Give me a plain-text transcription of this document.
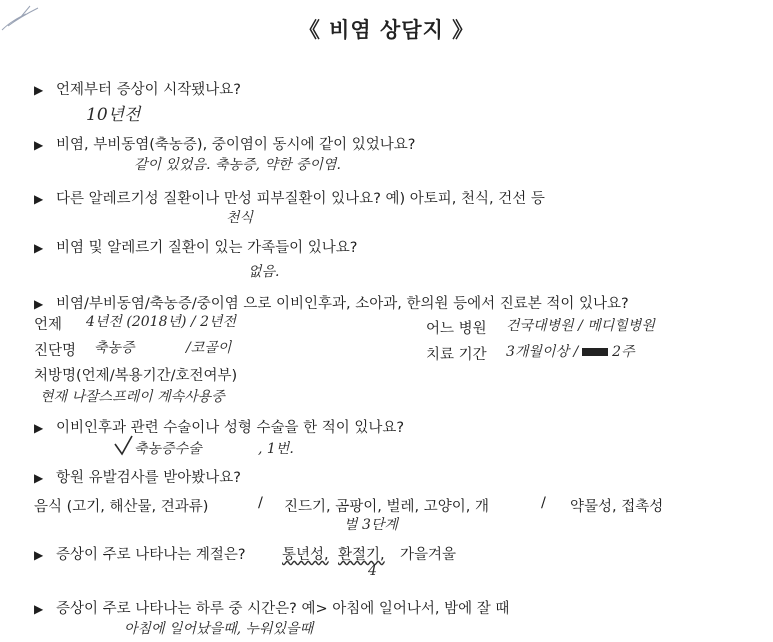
《 비염 상담지 》
▶ 언제부터 증상이 시작됐나요?
10년전
▶ 비염, 부비동염(축농증), 중이염이 동시에 같이 있었나요?
같이 있었음. 축농증, 약한 중이염.
▶ 다른 알레르기성 질환이나 만성 피부질환이 있나요? 예) 아토피, 천식, 건선 등
천식
▶ 비염 및 알레르기 질환이 있는 가족들이 있나요?
없음.
▶ 비염/부비동염/축농증/중이염 으로 이비인후과, 소아과, 한의원 등에서 진료본 적이 있나요?
언제 4년전 (2018년) / 2년전	어느 병원 건국대병원 / 메디힐병원
진단명 축농증	/코골이	치료 기간 3개월이상 / 2주
처방명(언제/복용기간/호전여부)
현재 나잘스프레이 계속사용중
▶ 이비인후과 관련 수술이나 성형 수술을 한 적이 있나요?
축농증수술	, 1번.
▶ 항원 유발검사를 받아봤나요?
음식 (고기, 해산물, 견과류)	/ 진드기, 곰팡이, 벌레, 고양이, 개	/ 약물성, 접촉성
벌 3단계
▶ 증상이 주로 나타나는 계절은?	통년성, 환절기, 가을겨울
4
▶ 증상이 주로 나타나는 하루 중 시간은? 예> 아침에 일어나서, 밤에 잘 때
아침에 일어났을때, 누워있을때
